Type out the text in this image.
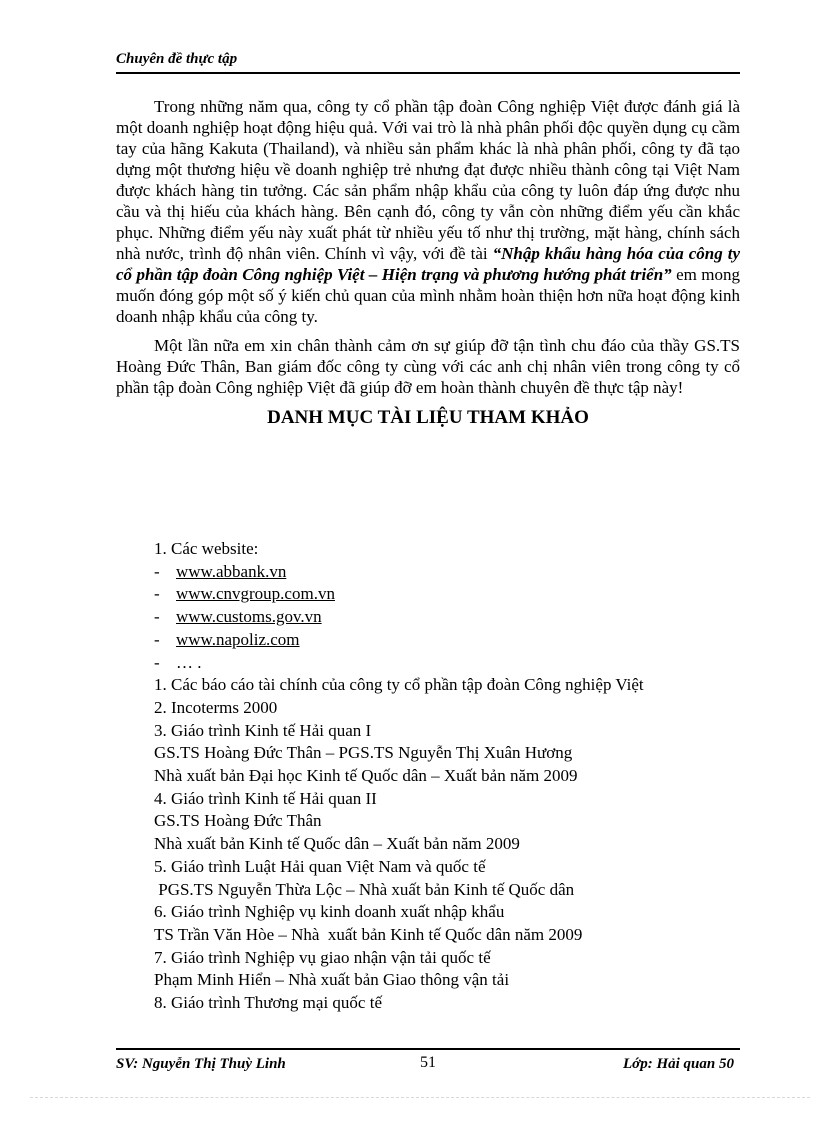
Chuyên đề thực tập

Trong những năm qua, công ty cổ phần tập đoàn Công nghiệp Việt được đánh giá là một doanh nghiệp hoạt động hiệu quả. Với vai trò là nhà phân phối độc quyền dụng cụ cầm tay của hãng Kakuta (Thailand), và nhiều sản phẩm khác là nhà phân phối, công ty đã tạo dựng một thương hiệu về doanh nghiệp trẻ nhưng đạt được nhiều thành công tại Việt Nam được khách hàng tin tưởng. Các sản phẩm nhập khẩu của công ty luôn đáp ứng được nhu cầu và thị hiếu của khách hàng. Bên cạnh đó, công ty vẫn còn những điểm yếu cần khắc phục. Những điểm yếu này xuất phát từ nhiều yếu tố như thị trường, mặt hàng, chính sách nhà nước, trình độ nhân viên. Chính vì vậy, với đề tài “Nhập khẩu hàng hóa của công ty cổ phần tập đoàn Công nghiệp Việt – Hiện trạng và phương hướng phát triển” em mong muốn đóng góp một số ý kiến chủ quan của mình nhằm hoàn thiện hơn nữa hoạt động kinh doanh nhập khẩu của công ty.

Một lần nữa em xin chân thành cảm ơn sự giúp đỡ tận tình chu đáo của thầy GS.TS Hoàng Đức Thân, Ban giám đốc công ty cùng với các anh chị nhân viên trong công ty cổ phần tập đoàn Công nghiệp Việt đã giúp đỡ em hoàn thành chuyên đề thực tập này!

DANH MỤC TÀI LIỆU THAM KHẢO
1. Các website:
- www.abbank.vn
- www.cnvgroup.com.vn
- www.customs.gov.vn
- www.napoliz.com
- … .
1. Các báo cáo tài chính của công ty cổ phần tập đoàn Công nghiệp Việt
2. Incoterms 2000
3. Giáo trình Kinh tế Hải quan I
GS.TS Hoàng Đức Thân – PGS.TS Nguyễn Thị Xuân Hương
Nhà xuất bản Đại học Kinh tế Quốc dân – Xuất bản năm 2009
4. Giáo trình Kinh tế Hải quan II
GS.TS Hoàng Đức Thân
Nhà xuất bản Kinh tế Quốc dân – Xuất bản năm 2009
5. Giáo trình Luật Hải quan Việt Nam và quốc tế
PGS.TS Nguyễn Thừa Lộc – Nhà xuất bản Kinh tế Quốc dân
6. Giáo trình Nghiệp vụ kinh doanh xuất nhập khẩu
TS Trần Văn Hòe – Nhà  xuất bản Kinh tế Quốc dân năm 2009
7. Giáo trình Nghiệp vụ giao nhận vận tải quốc tế
Phạm Minh Hiển – Nhà xuất bản Giao thông vận tải
8. Giáo trình Thương mại quốc tế
SV: Nguyễn Thị Thuỳ Linh	51	Lớp: Hải quan 50
